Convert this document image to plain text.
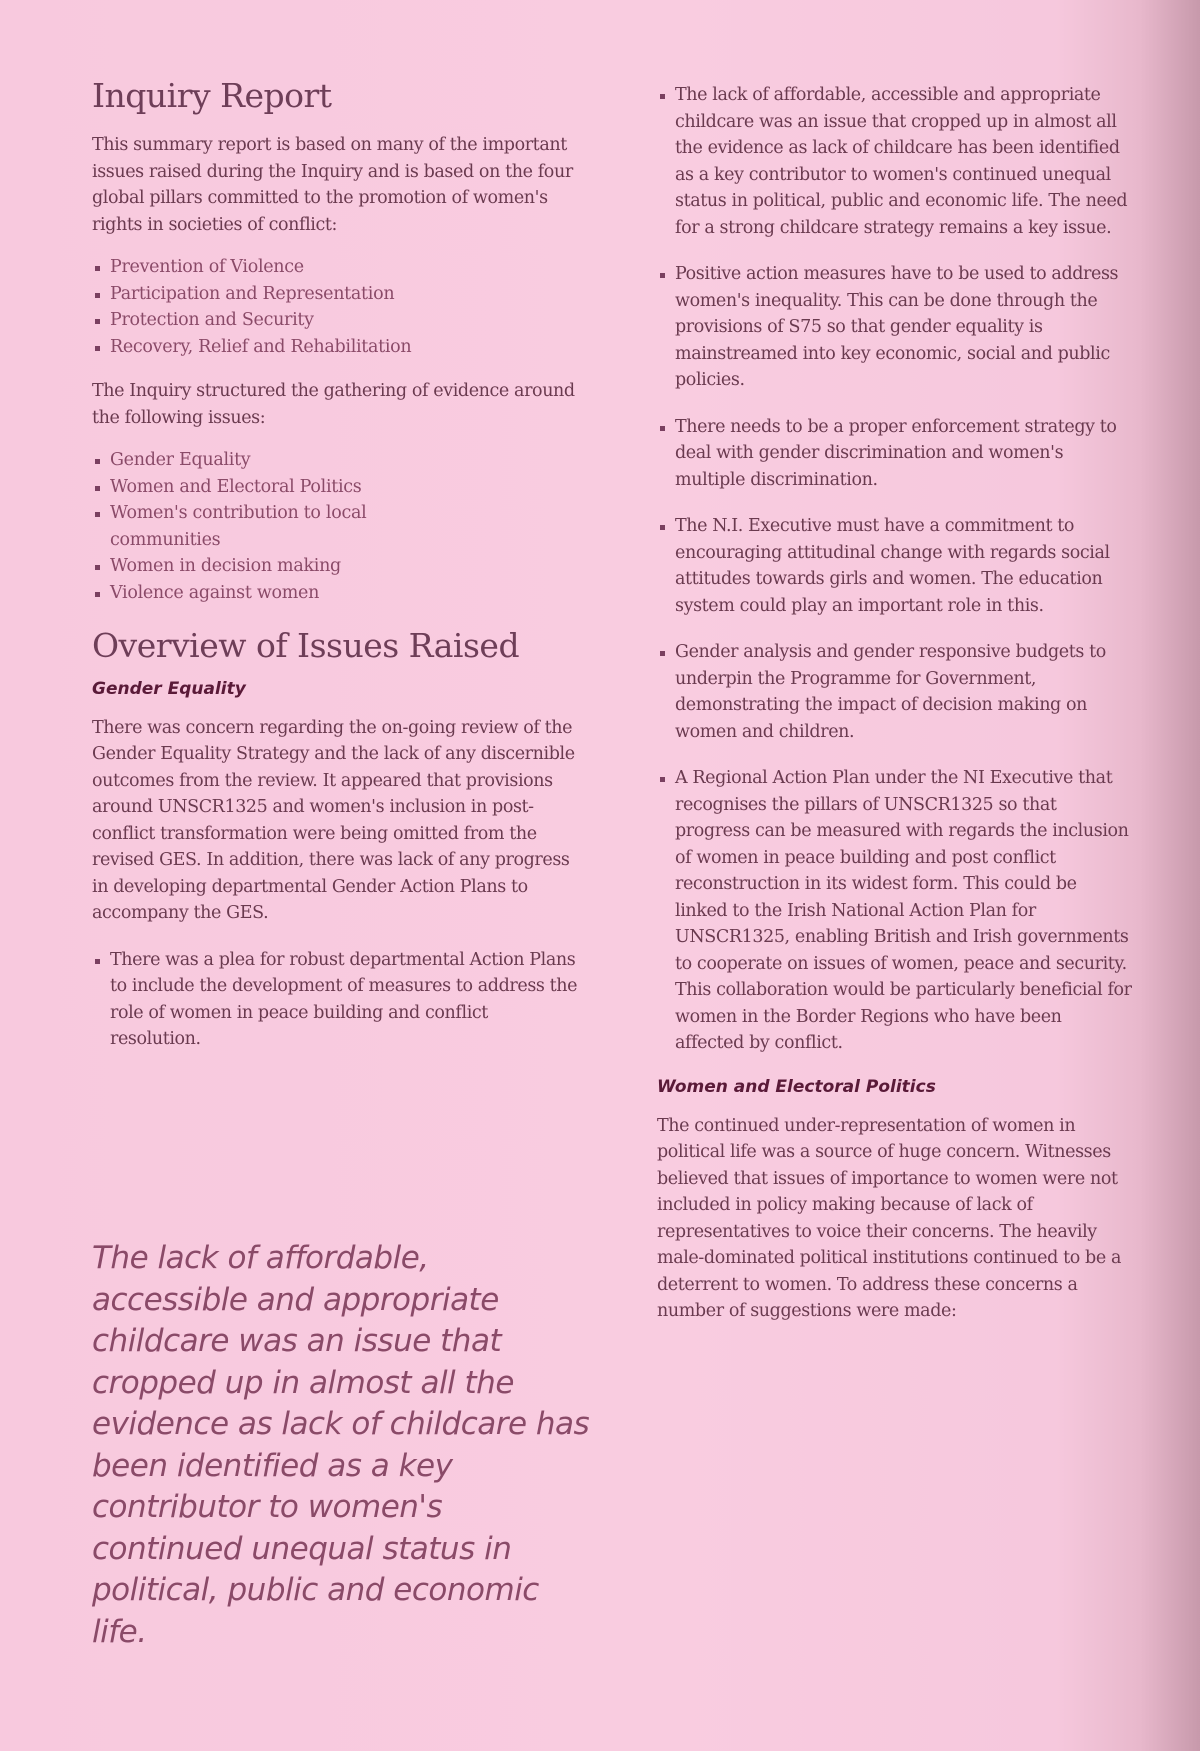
Inquiry Report

This summary report is based on many of the important issues raised during the Inquiry and is based on the four global pillars committed to the promotion of women's rights in societies of conflict:

Prevention of Violence
Participation and Representation
Protection and Security
Recovery, Relief and Rehabilitation

The Inquiry structured the gathering of evidence around the following issues:

Gender Equality
Women and Electoral Politics
Women's contribution to local communities
Women in decision making
Violence against women
Overview of Issues Raised
Gender Equality

There was concern regarding the on-going review of the Gender Equality Strategy and the lack of any discernible outcomes from the review. It appeared that provisions around UNSCR1325 and women's inclusion in post-conflict transformation were being omitted from the revised GES. In addition, there was lack of any progress in developing departmental Gender Action Plans to accompany the GES.

There was a plea for robust departmental Action Plans to include the development of measures to address the role of women in peace building and conflict resolution.
The lack of affordable, accessible and appropriate childcare was an issue that cropped up in almost all the evidence as lack of childcare has been identified as a key contributor to women's continued unequal status in political, public and economic life.
The lack of affordable, accessible and appropriate childcare was an issue that cropped up in almost all the evidence as lack of childcare has been identified as a key contributor to women's continued unequal status in political, public and economic life. The need for a strong childcare strategy remains a key issue.
Positive action measures have to be used to address women's inequality. This can be done through the provisions of S75 so that gender equality is mainstreamed into key economic, social and public policies.
There needs to be a proper enforcement strategy to deal with gender discrimination and women's multiple discrimination.
The N.I. Executive must have a commitment to encouraging attitudinal change with regards social attitudes towards girls and women. The education system could play an important role in this.
Gender analysis and gender responsive budgets to underpin the Programme for Government, demonstrating the impact of decision making on women and children.
A Regional Action Plan under the NI Executive that recognises the pillars of UNSCR1325 so that progress can be measured with regards the inclusion of women in peace building and post conflict reconstruction in its widest form. This could be linked to the Irish National Action Plan for UNSCR1325, enabling British and Irish governments to cooperate on issues of women, peace and security. This collaboration would be particularly beneficial for women in the Border Regions who have been affected by conflict.
Women and Electoral Politics

The continued under-representation of women in political life was a source of huge concern. Witnesses believed that issues of importance to women were not included in policy making because of lack of representatives to voice their concerns. The heavily male-dominated political institutions continued to be a deterrent to women. To address these concerns a number of suggestions were made:
